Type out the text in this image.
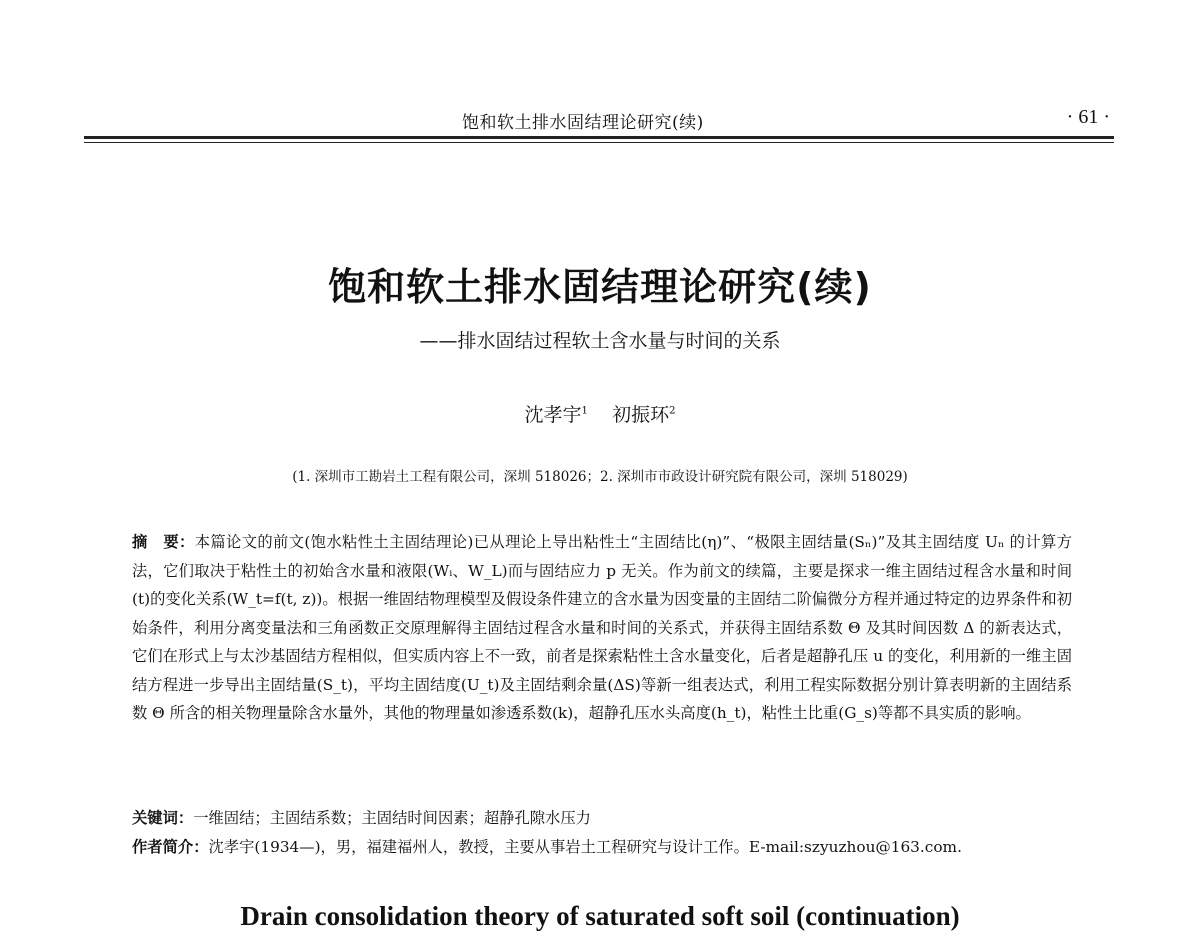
饱和软土排水固结理论研究(续)	· 61 ·
饱和软土排水固结理论研究(续)
——排水固结过程软土含水量与时间的关系
沈孝宇$^1$ 初振环$^2$
(1. 深圳市工勘岩土工程有限公司，深圳 518026；2. 深圳市市政设计研究院有限公司，深圳 518029)
摘　要：本篇论文的前文(饱水粘性土主固结理论)已从理论上导出粘性土“主固结比(η)”、“极限主固结量(Sₙ)”及其主固结度 Uₙ 的计算方法，它们取决于粘性土的初始含水量和液限(Wᵢ、W_L)而与固结应力 p 无关。作为前文的续篇，主要是探求一维主固结过程含水量和时间(t)的变化关系(W_t=f(t, z))。根据一维固结物理模型及假设条件建立的含水量为因变量的主固结二阶偏微分方程并通过特定的边界条件和初始条件，利用分离变量法和三角函数正交原理解得主固结过程含水量和时间的关系式，并获得主固结系数 Θ 及其时间因数 Δ 的新表达式，它们在形式上与太沙基固结方程相似，但实质内容上不一致，前者是探索粘性土含水量变化，后者是超静孔压 u 的变化，利用新的一维主固结方程进一步导出主固结量(S_t)，平均主固结度(U_t)及主固结剩余量(ΔS)等新一组表达式，利用工程实际数据分别计算表明新的主固结系数 Θ 所含的相关物理量除含水量外，其他的物理量如渗透系数(k)，超静孔压水头高度(h_t)，粘性土比重(G_s)等都不具实质的影响。
关键词：一维固结；主固结系数；主固结时间因素；超静孔隙水压力
作者简介：沈孝宇(1934—)，男，福建福州人，教授，主要从事岩土工程研究与设计工作。E-mail:szyuzhou@163.com.
Drain consolidation theory of saturated soft soil (continuation)
